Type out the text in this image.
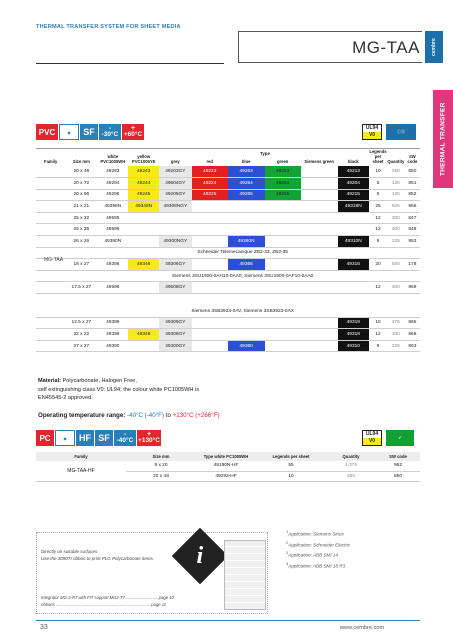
THERMAL TRANSFER SYSTEM FOR SHEET MEDIA
MG-TAA cembre
THERMAL TRANSFER
PVC	◆	SF	-
-30°C
+
+60°C
UL94

V0
ⓡⓤ
Type
Family	Size mm	white PVC1005WH	yellow PVC1005YE	grey	red	blue	green	Siemens green	black	Legends per sheet	Quantity	SW code
	20 x 48	49293	49243	49203GY	49223	49263	49253		49213	10	250	850
	20 x 72	49294	49244	49504GY	49224	49264	49254		49204	5	125	851
	20 x 96	49295	49245	49205GY	49225	49265	49255		49215	5	125	852
	21 x 21	49398N	49348N	49308NGY					49318N	25	625	956
	25 x 32	49595								12	300	847
	25 x 35	49596								12	300	848
	26 x 26	49390N		49300NGY		49360N			49310N	9	225	953
	Schneider Telemecanique ZB2-33, ZB2-35											
	18 x 27	49396	49346	49306GY		49366			49316	20	500	178
	Siemens 3SU1900-0AH10-0AA0; Siemens 3SU1900-0AF10-0AA0											
	17.5 x 27	49598		49508GY						12	300	969

	Siemens 3SB3923-0AV, Siemens 3SB3923-0AX											
	12.5 x 27	49399		49309GY					49319	15	375	865
	22 x 22	49398	49348	49308GY					49318	12	300	866
	27 x 27	49390		49300GY		49360			49310	9	225	863
MG-TAA
Material: Polycarbonate, Halogen Free,
self extinguishing class V0: UL94; the colour white PC1005WH is
EN45545-2 approved.
Operating temperature range: -40°C (-40°F) to +130°C (+266°F)
PC	◆	HF SF	-
-40°C
+
+130°C
UL94

V0
✔
Family	Size mm	Type white PC1005WH	Legends per sheet	Quantity	SW code
MG-TAA-HF	9 x 20	49190N-HF	55	1.375	962
	20 x 48	49293-HF	10	250	850
Directly on suitable surfaces.
Use the 3090TI ribbon to print PLG Polycarbonate items.
Integrator MG-2-R7 with FIT support MG2-T7 ........................... page 10
ribbons ................................................................................. page 11
i
$^1$Application: Siemens Sirius
$^2$Application: Schneider Electric
$^3$Application: ABB SMI 14
$^4$Application: ABB SMI 18 R3
33	www.cembre.com
